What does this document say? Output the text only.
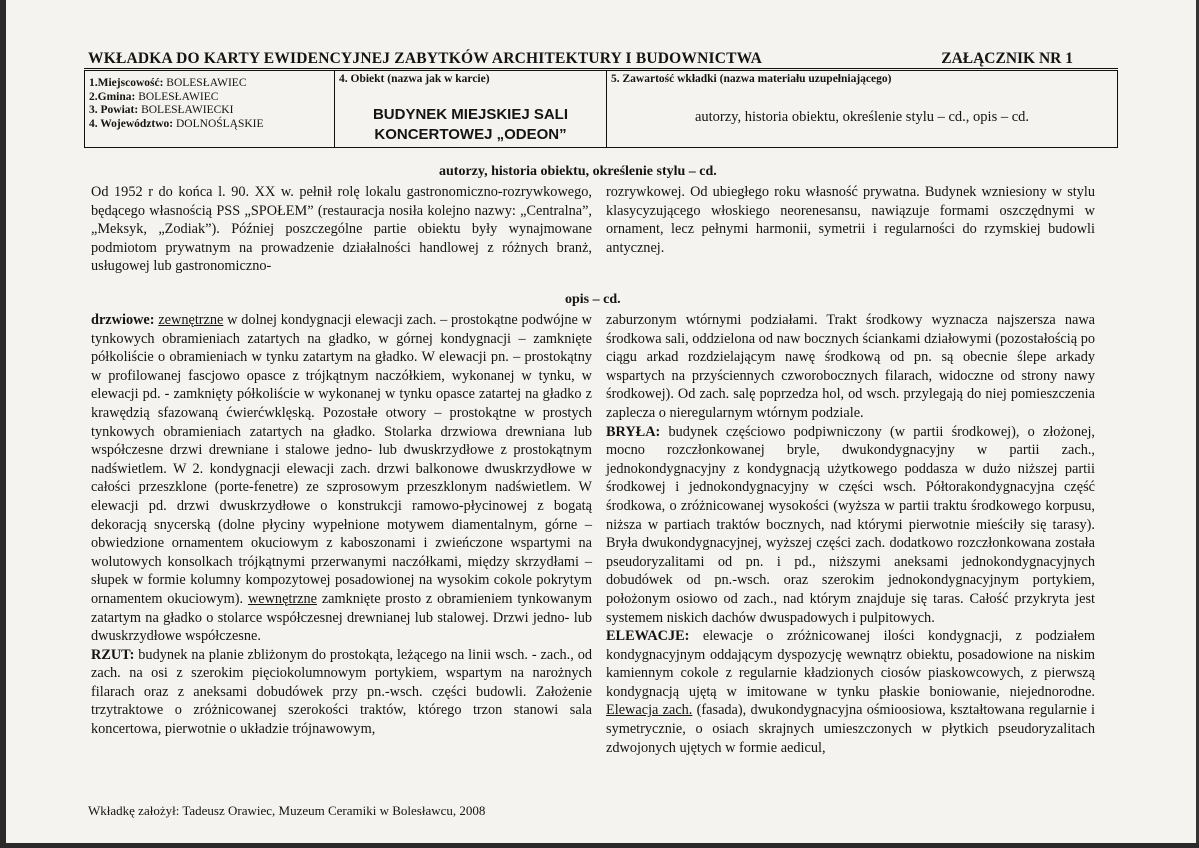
WKŁADKA DO KARTY EWIDENCYJNEJ ZABYTKÓW ARCHITEKTURY I BUDOWNICTWA	ZAŁĄCZNIK NR 1
1.Miejscowość: BOLESŁAWIEC
2.Gmina: BOLESŁAWIEC
3. Powiat: BOLESŁAWIECKI
4. Województwo: DOLNOŚLĄSKIE
4. Obiekt (nazwa jak w karcie)
BUDYNEK MIEJSKIEJ SALI
KONCERTOWEJ „ODEON”
5. Zawartość wkładki (nazwa materiału uzupełniającego)
autorzy, historia obiektu, określenie stylu – cd., opis – cd.
autorzy, historia obiektu, określenie stylu – cd.

Od 1952 r do końca l. 90. XX w. pełnił rolę lokalu gastronomiczno-rozrywkowego, będącego własnością PSS „SPOŁEM” (restauracja nosiła kolejno nazwy: „Centralna”, „Meksyk, „Zodiak”). Później poszczególne partie obiektu były wynajmowane podmiotom prywatnym na prowadzenie działalności handlowej z różnych branż, usługowej lub gastronomiczno-

rozrywkowej. Od ubiegłego roku własność prywatna. Budynek wzniesiony w stylu klasycyzującego włoskiego neorenesansu, nawiązuje formami oszczędnymi w ornament, lecz pełnymi harmonii, symetrii i regularności do rzymskiej budowli antycznej.

opis – cd.

drzwiowe: zewnętrzne w dolnej kondygnacji elewacji zach. – prostokątne podwójne w tynkowych obramieniach zatartych na gładko, w górnej kondygnacji – zamknięte półkoliście o obramieniach w tynku zatartym na gładko. W elewacji pn. – prostokątny w profilowanej fascjowo opasce z trójkątnym naczółkiem, wykonanej w tynku, w elewacji pd. - zamknięty półkoliście w wykonanej w tynku opasce zatartej na gładko z krawędzią sfazowaną ćwierćwklęską. Pozostałe otwory – prostokątne w prostych tynkowych obramieniach zatartych na gładko. Stolarka drzwiowa drewniana lub współczesne drzwi drewniane i stalowe jedno- lub dwuskrzydłowe z prostokątnym nadświetlem. W 2. kondygnacji elewacji zach. drzwi balkonowe dwuskrzydłowe w całości przeszklone (porte-fenetre) ze szprosowym przeszklonym nadświetlem. W elewacji pd. drzwi dwuskrzydłowe o konstrukcji ramowo-płycinowej z bogatą dekoracją snycerską (dolne płyciny wypełnione motywem diamentalnym, górne – obwiedzione ornamentem okuciowym z kaboszonami i zwieńczone wspartymi na wolutowych konsolkach trójkątnymi przerwanymi naczółkami, między skrzydłami – słupek w formie kolumny kompozytowej posadowionej na wysokim cokole pokrytym ornamentem okuciowym). wewnętrzne zamknięte prosto z obramieniem tynkowanym zatartym na gładko o stolarce współczesnej drewnianej lub stalowej. Drzwi jedno- lub dwuskrzydłowe współczesne.

RZUT: budynek na planie zbliżonym do prostokąta, leżącego na linii wsch. - zach., od zach. na osi z szerokim pięciokolumnowym portykiem, wspartym na narożnych filarach oraz z aneksami dobudówek przy pn.-wsch. części budowli. Założenie trzytraktowe o zróżnicowanej szerokości traktów, którego trzon stanowi sala koncertowa, pierwotnie o układzie trójnawowym,

zaburzonym wtórnymi podziałami. Trakt środkowy wyznacza najszersza nawa środkowa sali, oddzielona od naw bocznych ściankami działowymi (pozostałością po ciągu arkad rozdzielającym nawę środkową od pn. są obecnie ślepe arkady wspartych na przyściennych czworobocznych filarach, widoczne od strony nawy środkowej). Od zach. salę poprzedza hol, od wsch. przylegają do niej pomieszczenia zaplecza o nieregularnym wtórnym podziale.

BRYŁA: budynek częściowo podpiwniczony (w partii środkowej), o złożonej, mocno rozczłonkowanej bryle, dwukondygnacyjny w partii zach., jednokondygnacyjny z kondygnacją użytkowego poddasza w dużo niższej partii środkowej i jednokondygnacyjny w części wsch. Półtorakondygnacyjna część środkowa, o zróżnicowanej wysokości (wyższa w partii traktu środkowego korpusu, niższa w partiach traktów bocznych, nad którymi pierwotnie mieściły się tarasy). Bryła dwukondygnacyjnej, wyższej części zach. dodatkowo rozczłonkowana została pseudoryzalitami od pn. i pd., niższymi aneksami jednokondygnacyjnych dobudówek od pn.-wsch. oraz szerokim jednokondygnacyjnym portykiem, położonym osiowo od zach., nad którym znajduje się taras. Całość przykryta jest systemem niskich dachów dwuspadowych i pulpitowych.

ELEWACJE: elewacje o zróżnicowanej ilości kondygnacji, z podziałem kondygnacyjnym oddającym dyspozycję wewnątrz obiektu, posadowione na niskim kamiennym cokole z regularnie kładzionych ciosów piaskowcowych, z pierwszą kondygnacją ujętą w imitowane w tynku płaskie boniowanie, niejednorodne. Elewacja zach. (fasada), dwukondygnacyjna ośmioosiowa, kształtowana regularnie i symetrycznie, o osiach skrajnych umieszczonych w płytkich pseudoryzalitach zdwojonych ujętych w formie aedicul,

Wkładkę założył: Tadeusz Orawiec, Muzeum Ceramiki w Bolesławcu, 2008
